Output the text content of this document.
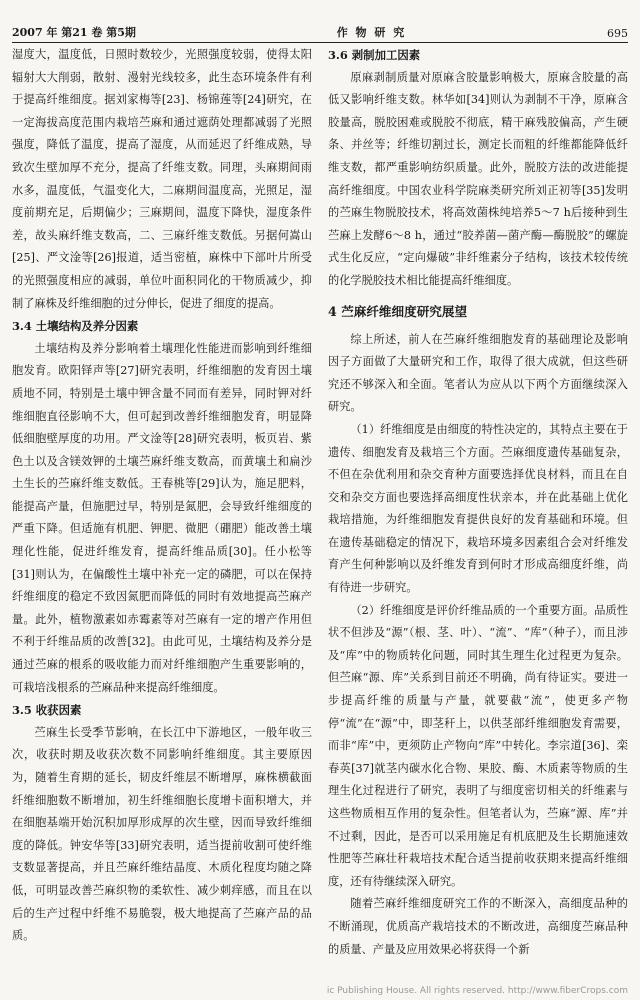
2007 年 第21 卷 第5期	作 物 研 究	695

湿度大，温度低，日照时数较少，光照强度较弱，使得太阳辐射大大削弱，散射、漫射光线较多，此生态环境条件有利于提高纤维细度。据刘家梅等[23]、杨锦莲等[24]研究，在一定海拔高度范围内栽培苎麻和通过遮荫处理都减弱了光照强度，降低了温度，提高了湿度，从而延迟了纤维成熟，导致次生壁加厚不充分，提高了纤维支数。同理，头麻期间雨水多，温度低，气温变化大，二麻期间温度高，光照足，湿度前期充足，后期偏少；三麻期间，温度下降快，湿度条件差，故头麻纤维支数高，二、三麻纤维支数低。另据何嵩山[25]、严文淦等[26]报道，适当密植，麻株中下部叶片所受的光照强度相应的减弱，单位叶面积同化的干物质减少，抑制了麻株及纤维细胞的过分伸长，促进了细度的提高。

3.4 土壤结构及养分因素

土壤结构及养分影响着土壤理化性能进而影响到纤维细胞发育。欧阳铎声等[27]研究表明，纤维细胞的发育因土壤质地不同，特别是土壤中钾含量不同而有差异，同时钾对纤维细胞直径影响不大，但可起到改善纤维细胞发育，明显降低细胞壁厚度的功用。严文淦等[28]研究表明，板页岩、紫色土以及含镁效钾的土壤苎麻纤维支数高，而黄壤土和扁沙土生长的苎麻纤维支数低。王春桃等[29]认为，施足肥料，能提高产量，但施肥过早，特别是氮肥，会导致纤维细度的严重下降。但适施有机肥、钾肥、微肥（硼肥）能改善土壤理化性能，促进纤维发育，提高纤维品质[30]。任小松等[31]则认为，在偏酸性土壤中补充一定的磷肥，可以在保持纤维细度的稳定不致因氮肥而降低的同时有效地提高苎麻产量。此外，植物激素如赤霉素等对苎麻有一定的增产作用但不利于纤维品质的改善[32]。由此可见，土壤结构及养分是通过苎麻的根系的吸收能力而对纤维细胞产生重要影响的，可栽培浅根系的苎麻品种来提高纤维细度。

3.5 收获因素

苎麻生长受季节影响，在长江中下游地区，一般年收三次，收获时期及收获次数不同影响纤维细度。其主要原因为，随着生育期的延长，韧皮纤维层不断增厚，麻株横截面纤维细胞数不断增加，初生纤维细胞长度增卡面积增大，并在细胞基端开始沉积加厚形成厚的次生壁，因而导致纤维细度的降低。钟安华等[33]研究表明，适当提前收割可使纤维支数显著提高，并且苎麻纤维结晶度、木质化程度均随之降低，可明显改善苎麻织物的柔软性、减少刺痒感，而且在以后的生产过程中纤维不易脆裂，极大地提高了苎麻产品的品质。

3.6 剥制加工因素

原麻剥制质量对原麻含胶量影响极大，原麻含胶量的高低又影响纤维支数。林华如[34]则认为剥制不干净，原麻含胶量高，脱胶困难或脱胶不彻底，精干麻残胶偏高，产生硬条、并丝等；纤维切割过长，测定长而粗的纤维都能降低纤维支数，都严重影响纺织质量。此外，脱胶方法的改进能提高纤维细度。中国农业科学院麻类研究所刘正初等[35]发明的苎麻生物脱胶技术，将高效菌株纯培养5～7 h后接种到生苎麻上发酵6～8 h，通过“胶养菌—菌产酶—酶脱胶”的螺旋式生化反应，“定向爆破”非纤维素分子结构，该技术较传统的化学脱胶技术相比能提高纤维细度。

4 苎麻纤维细度研究展望

综上所述，前人在苎麻纤维细胞发育的基础理论及影响因子方面做了大量研究和工作，取得了很大成就，但这些研究还不够深入和全面。笔者认为应从以下两个方面继续深入研究。

（1）纤维细度是由细度的特性决定的，其特点主要在于遗传、细胞发育及栽培三个方面。苎麻细度遗传基础复杂，不但在杂优利用和杂交育种方面要选择优良材料，而且在自交和杂交方面也要选择高细度性状亲本，并在此基础上优化栽培措施，为纤维细胞发育提供良好的发育基础和环境。但在遗传基础稳定的情况下，栽培环境多因素组合会对纤维发育产生何种影响以及纤维发育到何时才形成高细度纤维，尚有待进一步研究。

（2）纤维细度是评价纤维品质的一个重要方面。品质性状不但涉及“源”（根、茎、叶）、“流”、“库”（种子），而且涉及“库”中的物质转化问题，同时其生理生化过程更为复杂。但苎麻“源、库”关系到目前还不明确，尚有待证实。要进一步提高纤维的质量与产量，就要截“流”，使更多产物停“流”在“源”中，即茎秆上，以供茎部纤维细胞发育需要，而非“库”中，更须防止产物向“库”中转化。李宗道[36]、栾春英[37]就茎内碳水化合物、果胶、酶、木质素等物质的生理生化过程进行了研究，表明了与细度密切相关的纤维素与这些物质相互作用的复杂性。但笔者认为，苎麻“源、库”并不过剩，因此，是否可以采用施足有机底肥及生长期施速效性肥等苎麻壮秆栽培技术配合适当提前收获期来提高纤维细度，还有待继续深入研究。

随着苎麻纤维细度研究工作的不断深入，高细度品种的不断涌现，优质高产栽培技术的不断改进，高细度苎麻品种的质量、产量及应用效果必将获得一个新

ic Publishing House. All rights reserved. http://www.fiberCrops.com
